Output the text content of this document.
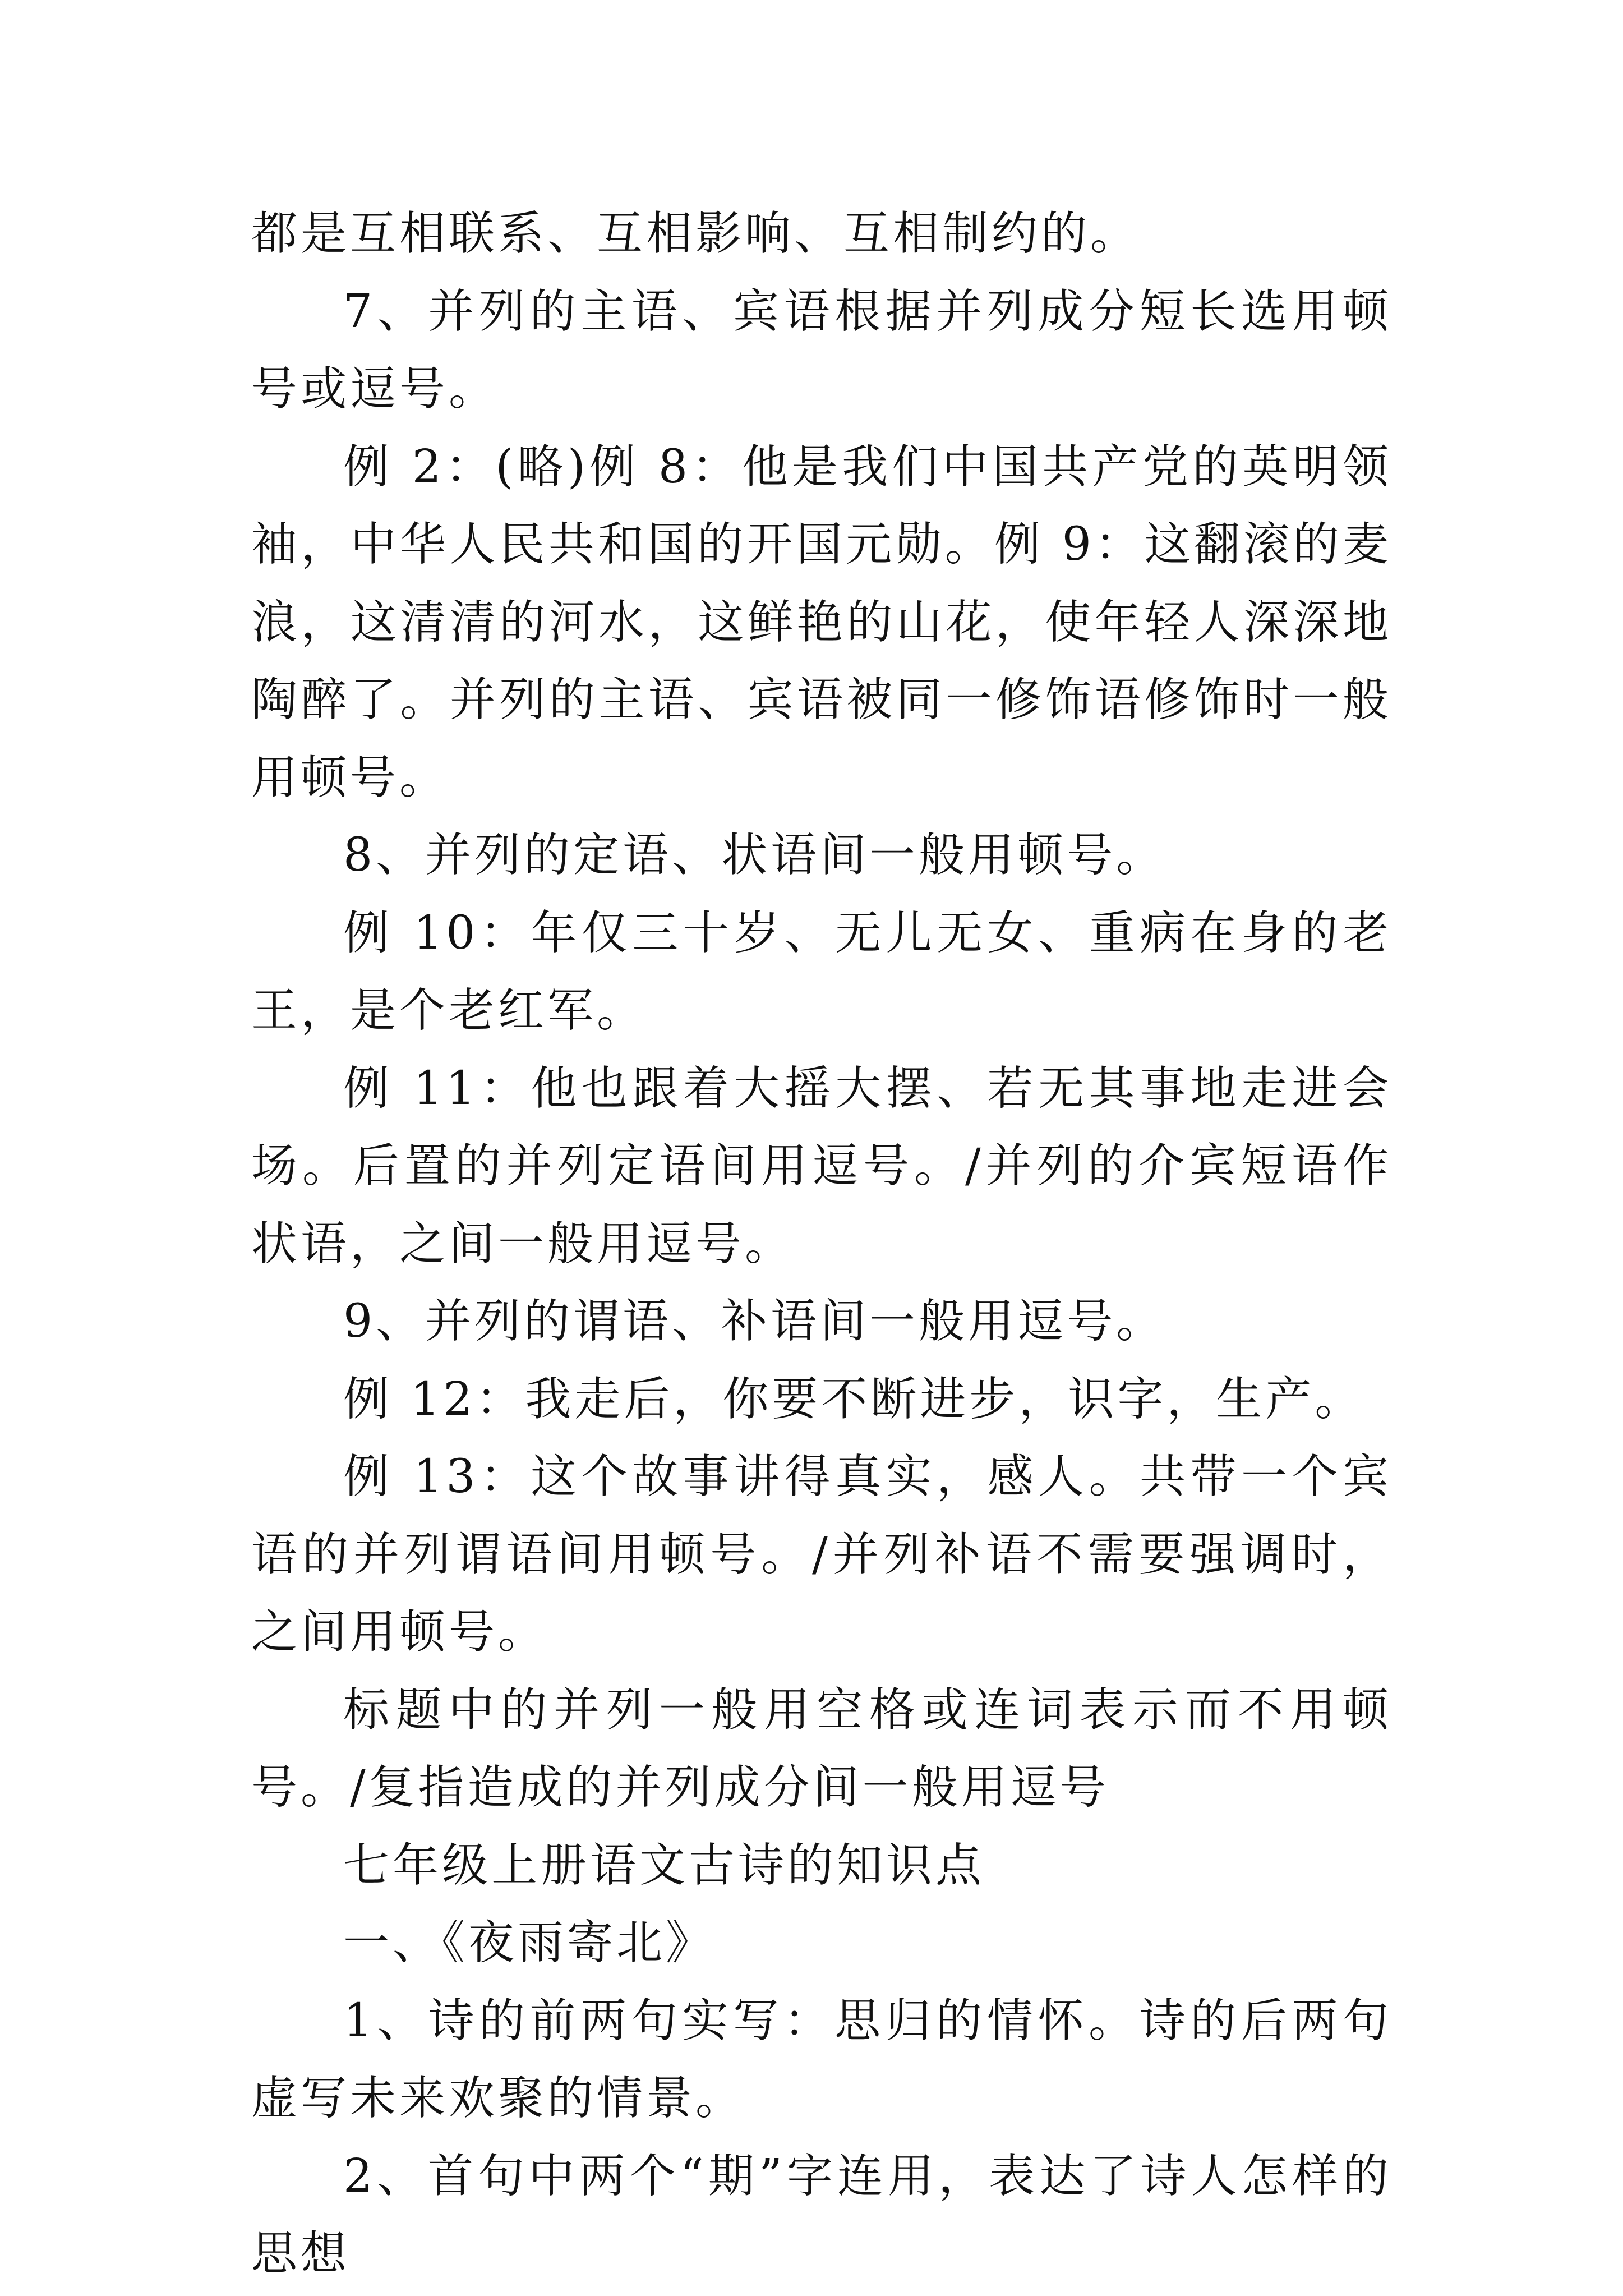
都是互相联系、互相影响、互相制约的。

7、并列的主语、宾语根据并列成分短长选用顿号或逗号。

例 2：(略)例 8：他是我们中国共产党的英明领袖，中华人民共和国的开国元勋。例 9：这翻滚的麦浪，这清清的河水，这鲜艳的山花，使年轻人深深地陶醉了。并列的主语、宾语被同一修饰语修饰时一般用顿号。

8、并列的定语、状语间一般用顿号。

例 10：年仅三十岁、无儿无女、重病在身的老王，是个老红军。

例 11：他也跟着大摇大摆、若无其事地走进会场。后置的并列定语间用逗号。/并列的介宾短语作状语，之间一般用逗号。

9、并列的谓语、补语间一般用逗号。

例 12：我走后，你要不断进步，识字，生产。

例 13：这个故事讲得真实，感人。共带一个宾语的并列谓语间用顿号。/并列补语不需要强调时，之间用顿号。

标题中的并列一般用空格或连词表示而不用顿号。/复指造成的并列成分间一般用逗号

七年级上册语文古诗的知识点

一、《夜雨寄北》

1、诗的前两句实写：思归的情怀。诗的后两句虚写未来欢聚的情景。

2、首句中两个“期”字连用，表达了诗人怎样的思想
